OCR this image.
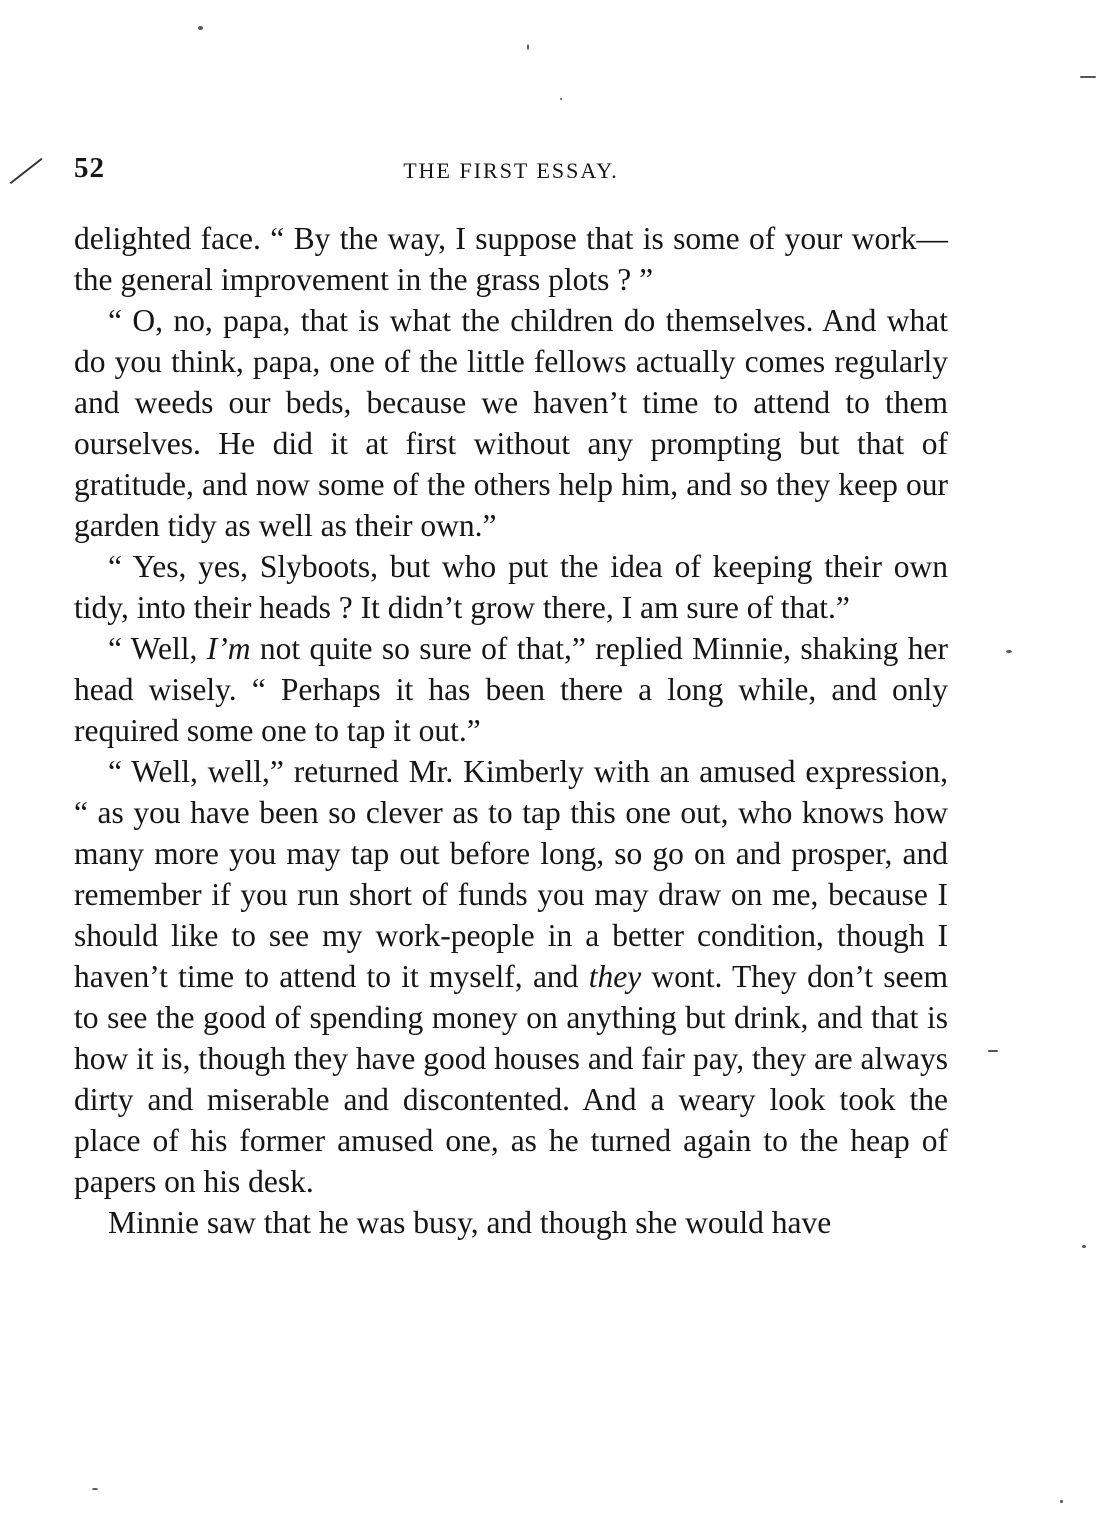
52	THE FIRST ESSAY.

delighted face. “ By the way, I suppose that is some of your work—the general improvement in the grass plots ? ”

“ O, no, papa, that is what the children do themselves. And what do you think, papa, one of the little fellows actually comes regularly and weeds our beds, because we haven’t time to attend to them ourselves. He did it at first without any prompting but that of gratitude, and now some of the others help him, and so they keep our garden tidy as well as their own.”

“ Yes, yes, Slyboots, but who put the idea of keeping their own tidy, into their heads ? It didn’t grow there, I am sure of that.”

“ Well, I’m not quite so sure of that,” replied Minnie, shaking her head wisely. “ Perhaps it has been there a long while, and only required some one to tap it out.”

“ Well, well,” returned Mr. Kimberly with an amused expression, “ as you have been so clever as to tap this one out, who knows how many more you may tap out before long, so go on and prosper, and remember if you run short of funds you may draw on me, because I should like to see my work-people in a better condition, though I haven’t time to attend to it myself, and they wont. They don’t seem to see the good of spending money on anything but drink, and that is how it is, though they have good houses and fair pay, they are always dirty and miserable and discontented. And a weary look took the place of his former amused one, as he turned again to the heap of papers on his desk.

Minnie saw that he was busy, and though she would have
